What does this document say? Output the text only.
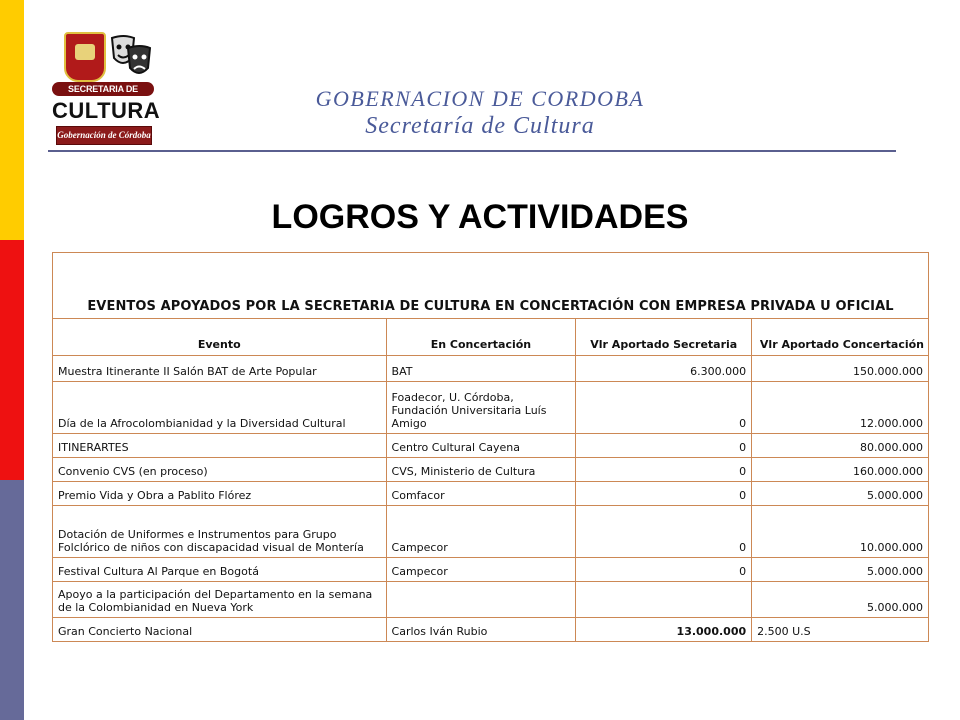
SECRETARIA DE
CULTURA
Gobernación de Córdoba
GOBERNACION DE CORDOBA
Secretaría de Cultura
LOGROS Y ACTIVIDADES
EVENTOS APOYADOS POR LA SECRETARIA DE CULTURA EN CONCERTACIÓN CON EMPRESA PRIVADA U OFICIAL			
Evento	En Concertación	Vlr Aportado Secretaria	Vlr Aportado Concertación
Muestra Itinerante II Salón BAT de Arte Popular	BAT	6.300.000	150.000.000
Día de la Afrocolombianidad y la Diversidad Cultural	Foadecor, U. Córdoba, Fundación Universitaria Luís Amigo	0	12.000.000
ITINERARTES	Centro Cultural Cayena	0	80.000.000
Convenio CVS (en proceso)	CVS, Ministerio de Cultura	0	160.000.000
Premio Vida y Obra a Pablito Flórez	Comfacor	0	5.000.000
Dotación de Uniformes e Instrumentos para Grupo Folclórico de niños con discapacidad visual de Montería	Campecor	0	10.000.000
Festival Cultura Al Parque en Bogotá	Campecor	0	5.000.000
Apoyo a la participación del Departamento en la semana de la Colombianidad en Nueva York			5.000.000
Gran Concierto Nacional	Carlos Iván Rubio	13.000.000	2.500 U.S
